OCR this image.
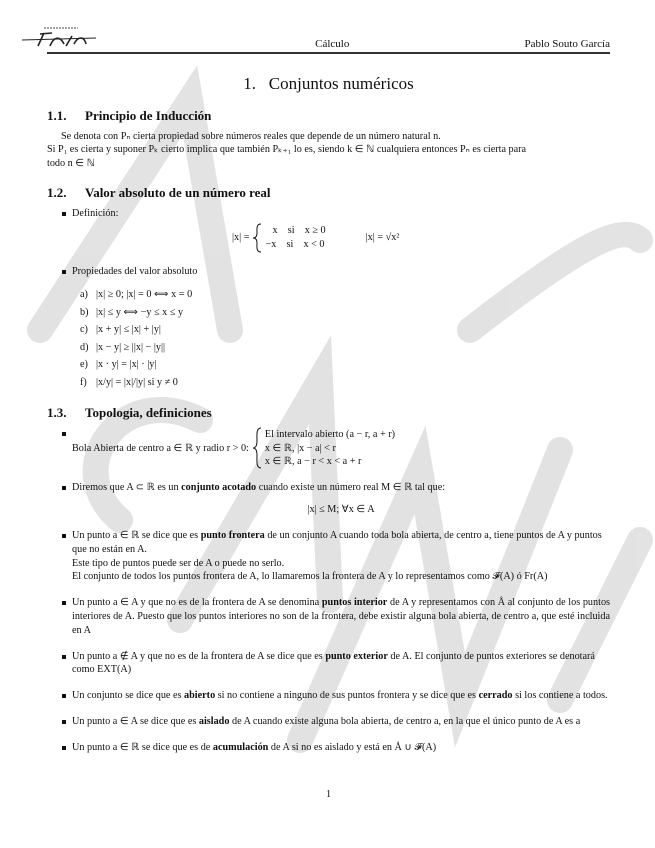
Cálculo	Pablo Souto García
1.   Conjuntos numéricos
1.1. Principio de Inducción
Se denota con Pₙ cierta propiedad sobre números reales que depende de un número natural n.
Si P₁ es cierta y suponer Pₖ cierto implica que también Pₖ₊₁ lo es, siendo k ∈ ℕ cualquiera entonces Pₙ es cierta para
todo n ∈ ℕ
1.2. Valor absoluto de un número real
Definición:
|x| =
x    si    x ≥ 0
−x    si    x < 0
|x| = √x²
Propiedades del valor absoluto
a) |x| ≥ 0; |x| = 0 ⟺ x = 0
b) |x| ≤ y ⟺ −y ≤ x ≤ y
c) |x + y| ≤ |x| + |y|
d) |x − y| ≥ ||x| − |y||
e) |x · y| = |x| · |y|
f) |x/y| = |x|/|y| si y ≠ 0
1.3. Topologia, definiciones
Bola Abierta de centro a ∈ ℝ y radio r > 0:
El intervalo abierto (a − r, a + r)
x ∈ ℝ, |x − a| < r
x ∈ ℝ, a − r < x < a + r
Diremos que A ⊂ ℝ es un conjunto acotado cuando existe un número real M ∈ ℝ tal que:
|x| ≤ M; ∀x ∈ A
Un punto a ∈ ℝ se dice que es punto frontera de un conjunto A cuando toda bola abierta, de centro a, tiene puntos de A y puntos que no están en A.
Este tipo de puntos puede ser de A o puede no serlo.
El conjunto de todos los puntos frontera de A, lo llamaremos la frontera de A y lo representamos como 𝓕(A) ó Fr(A)
Un punto a ∈ A y que no es de la frontera de A se denomina puntos interior de A y representamos con Å al conjunto de los puntos interiores de A. Puesto que los puntos interiores no son de la frontera, debe existir alguna bola abierta, de centro a, que esté incluida en A
Un punto a ∉ A y que no es de la frontera de A se dice que es punto exterior de A. El conjunto de puntos exteriores se denotará como EXT(A)
Un conjunto se dice que es abierto si no contiene a ninguno de sus puntos frontera y se dice que es cerrado si los contiene a todos.
Un punto a ∈ A se dice que es aislado de A cuando existe alguna bola abierta, de centro a, en la que el único punto de A es a
Un punto a ∈ ℝ se dice que es de acumulación de A si no es aislado y está en Å ∪ 𝓕(A)
1
